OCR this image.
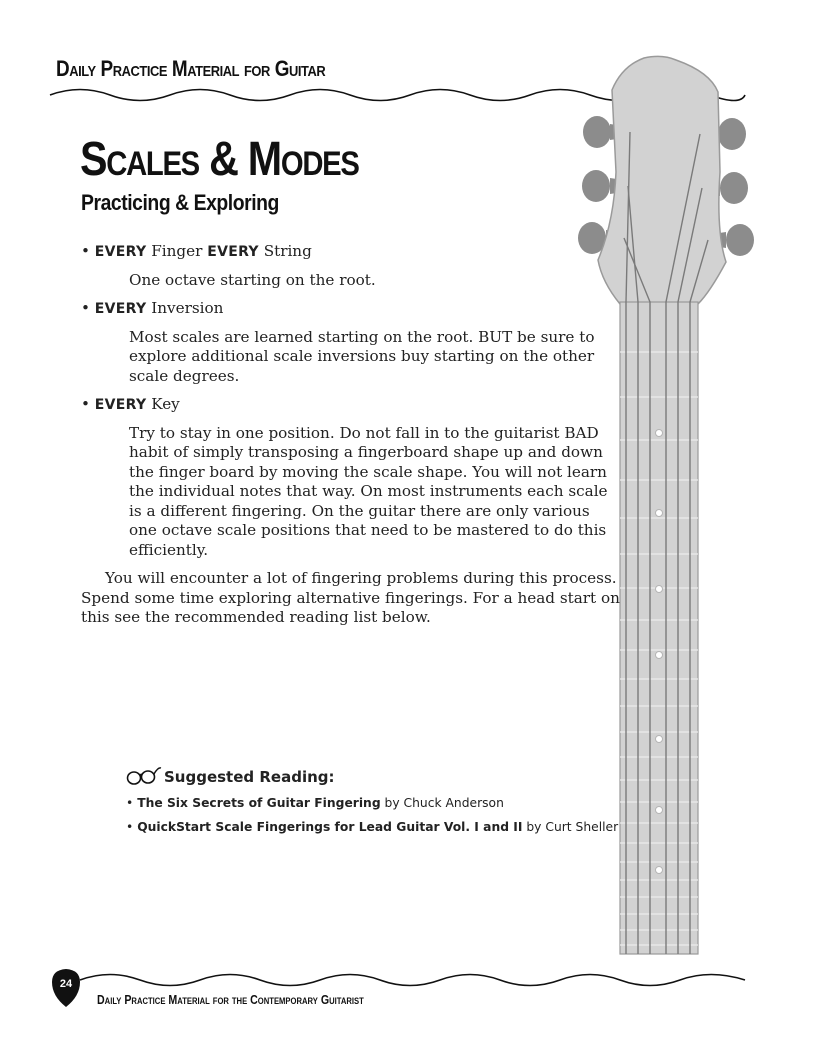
Daily Practice Material for Guitar
Scales & Modes
Practicing & Exploring
• EVERY Finger EVERY String
One octave starting on the root.
• EVERY Inversion
Most scales are learned starting on the root. BUT be sure to explore additional scale inversions buy starting on the other scale degrees.
• EVERY Key
Try to stay in one position. Do not fall in to the guitarist BAD habit of simply transposing a fingerboard shape up and down the finger board by moving the scale shape. You will not learn the individual notes that way. On most instruments each scale is a different fingering. On the guitar there are only various one octave scale positions that need to be mastered to do this efficiently.

You will encounter a lot of fingering problems during this process. Spend some time exploring alternative fingerings. For a head start on this see the recommended reading list below.

Suggested Reading:
• The Six Secrets of Guitar Fingering by Chuck Anderson
• QuickStart Scale Fingerings for Lead Guitar Vol. I and II by Curt Sheller
24
Daily Practice Material for the Contemporary Guitarist
